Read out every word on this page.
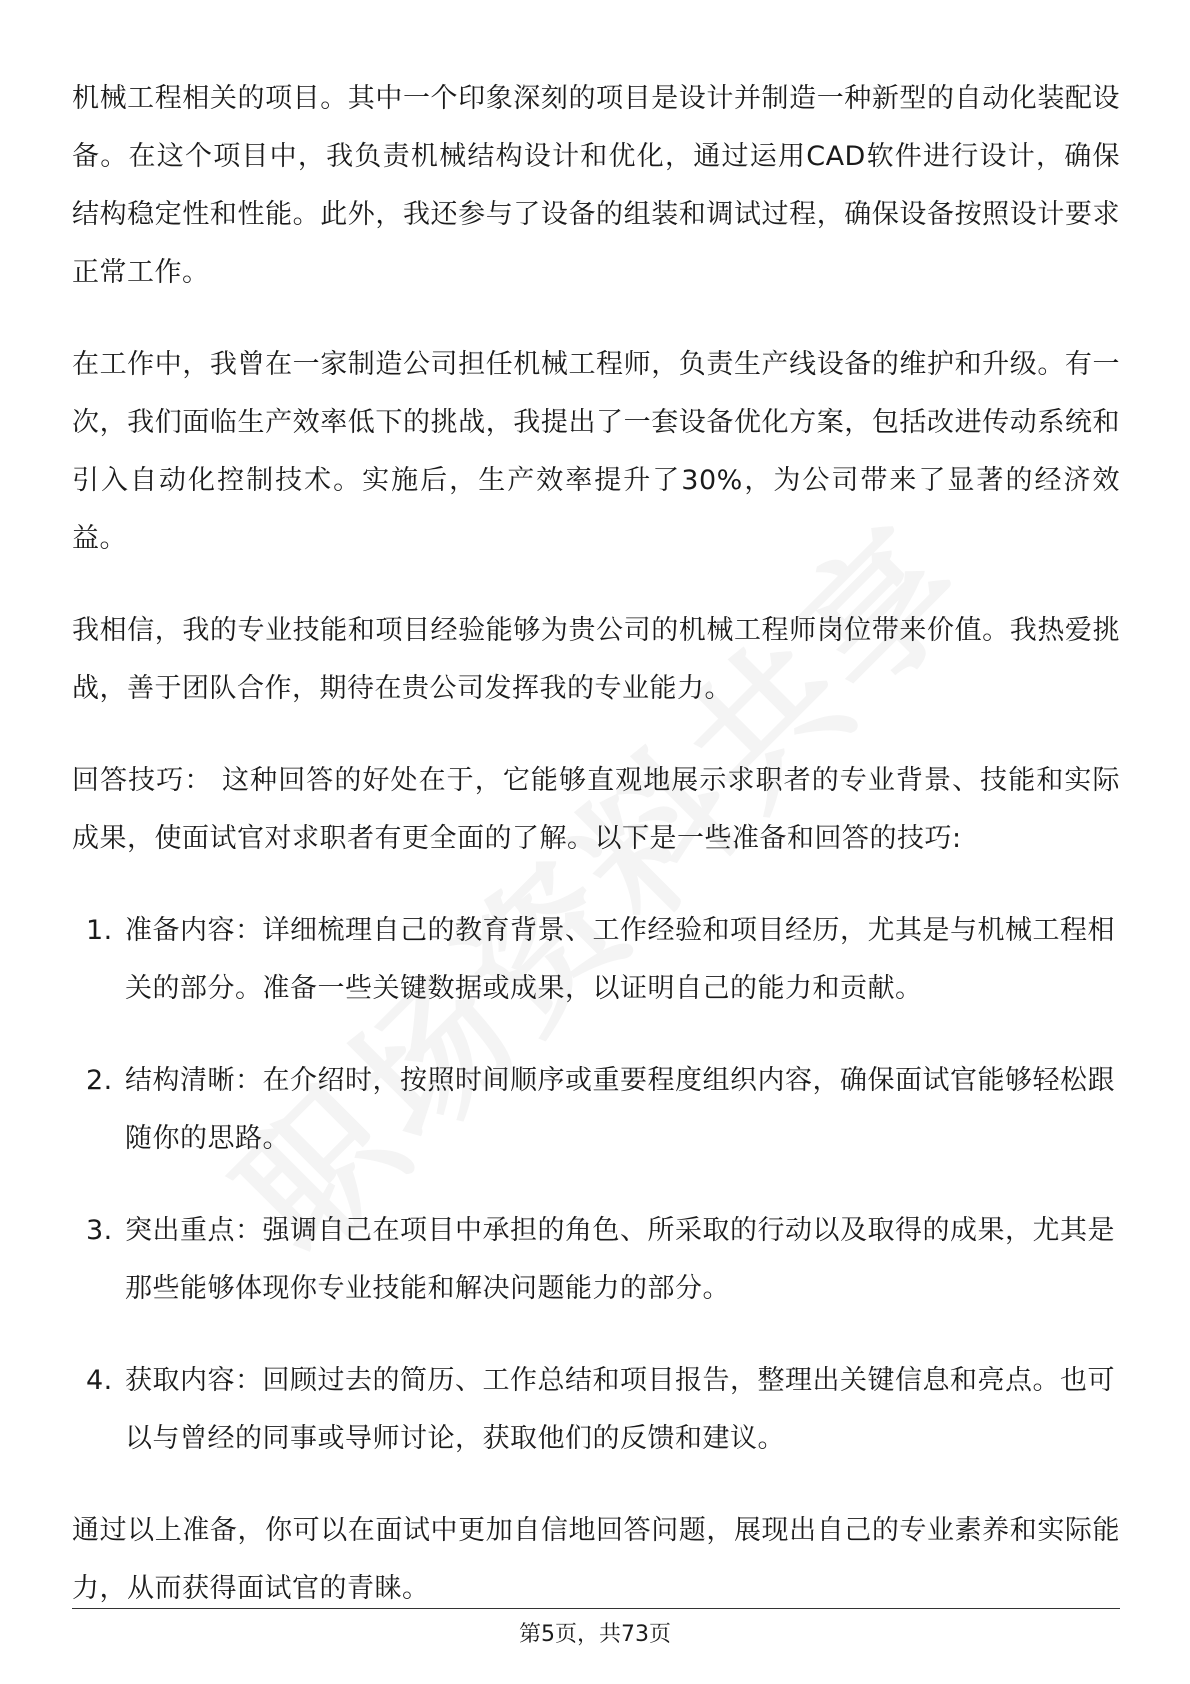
机械工程相关的项目。其中一个印象深刻的项目是设计并制造一种新型的自动化装配设备。在这个项目中，我负责机械结构设计和优化，通过运用CAD软件进行设计，确保结构稳定性和性能。此外，我还参与了设备的组装和调试过程，确保设备按照设计要求正常工作。

在工作中，我曾在一家制造公司担任机械工程师，负责生产线设备的维护和升级。有一次，我们面临生产效率低下的挑战，我提出了一套设备优化方案，包括改进传动系统和引入自动化控制技术。实施后，生产效率提升了30%，为公司带来了显著的经济效益。

我相信，我的专业技能和项目经验能够为贵公司的机械工程师岗位带来价值。我热爱挑战，善于团队合作，期待在贵公司发挥我的专业能力。

回答技巧： 这种回答的好处在于，它能够直观地展示求职者的专业背景、技能和实际成果，使面试官对求职者有更全面的了解。以下是一些准备和回答的技巧:

1. 准备内容：详细梳理自己的教育背景、工作经验和项目经历，尤其是与机械工程相关的部分。准备一些关键数据或成果，以证明自己的能力和贡献。
2. 结构清晰：在介绍时，按照时间顺序或重要程度组织内容，确保面试官能够轻松跟随你的思路。
3. 突出重点：强调自己在项目中承担的角色、所采取的行动以及取得的成果，尤其是那些能够体现你专业技能和解决问题能力的部分。
4. 获取内容：回顾过去的简历、工作总结和项目报告，整理出关键信息和亮点。也可以与曾经的同事或导师讨论，获取他们的反馈和建议。

通过以上准备，你可以在面试中更加自信地回答问题，展现出自己的专业素养和实际能力，从而获得面试官的青睐。

第5页，共73页
